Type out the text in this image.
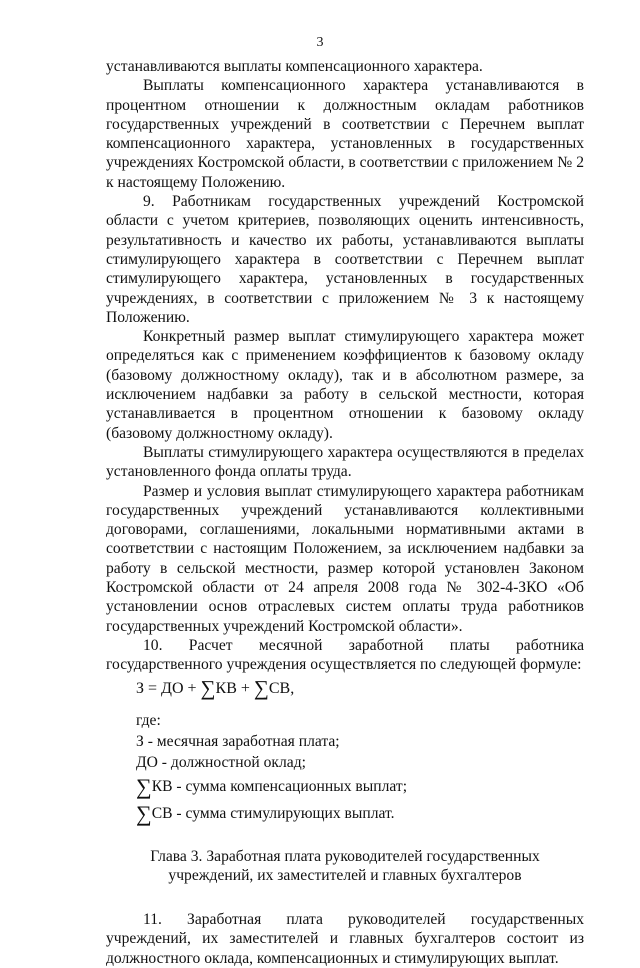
3

устанавливаются выплаты компенсационного характера.

Выплаты компенсационного характера устанавливаются в процентном отношении к должностным окладам работников государственных учреждений в соответствии с Перечнем выплат компенсационного характера, установленных в государственных учреждениях Костромской области, в соответствии с приложением № 2 к настоящему Положению.

9. Работникам государственных учреждений Костромской области с учетом критериев, позволяющих оценить интенсивность, результативность и качество их работы, устанавливаются выплаты стимулирующего характера в соответствии с Перечнем выплат стимулирующего характера, установленных в государственных учреждениях, в соответствии с приложением № 3 к настоящему Положению.

Конкретный размер выплат стимулирующего характера может определяться как с применением коэффициентов к базовому окладу (базовому должностному окладу), так и в абсолютном размере, за исключением надбавки за работу в сельской местности, которая устанавливается в процентном отношении к базовому окладу (базовому должностному окладу).

Выплаты стимулирующего характера осуществляются в пределах установленного фонда оплаты труда.

Размер и условия выплат стимулирующего характера работникам государственных учреждений устанавливаются коллективными договорами, соглашениями, локальными нормативными актами в соответствии с настоящим Положением, за исключением надбавки за работу в сельской местности, размер которой установлен Законом Костромской области от 24 апреля 2008 года № 302-4-ЗКО «Об установлении основ отраслевых систем оплаты труда работников государственных учреждений Костромской области».

10. Расчет месячной заработной платы работника государственного учреждения осуществляется по следующей формуле:

З = ДО + ∑КВ + ∑СВ,
где:
З - месячная заработная плата;
ДО - должностной оклад;
∑КВ - сумма компенсационных выплат;
∑СВ - сумма стимулирующих выплат.
Глава 3. Заработная плата руководителей государственных
учреждений, их заместителей и главных бухгалтеров

11. Заработная плата руководителей государственных учреждений, их заместителей и главных бухгалтеров состоит из должностного оклада, компенсационных и стимулирующих выплат.
